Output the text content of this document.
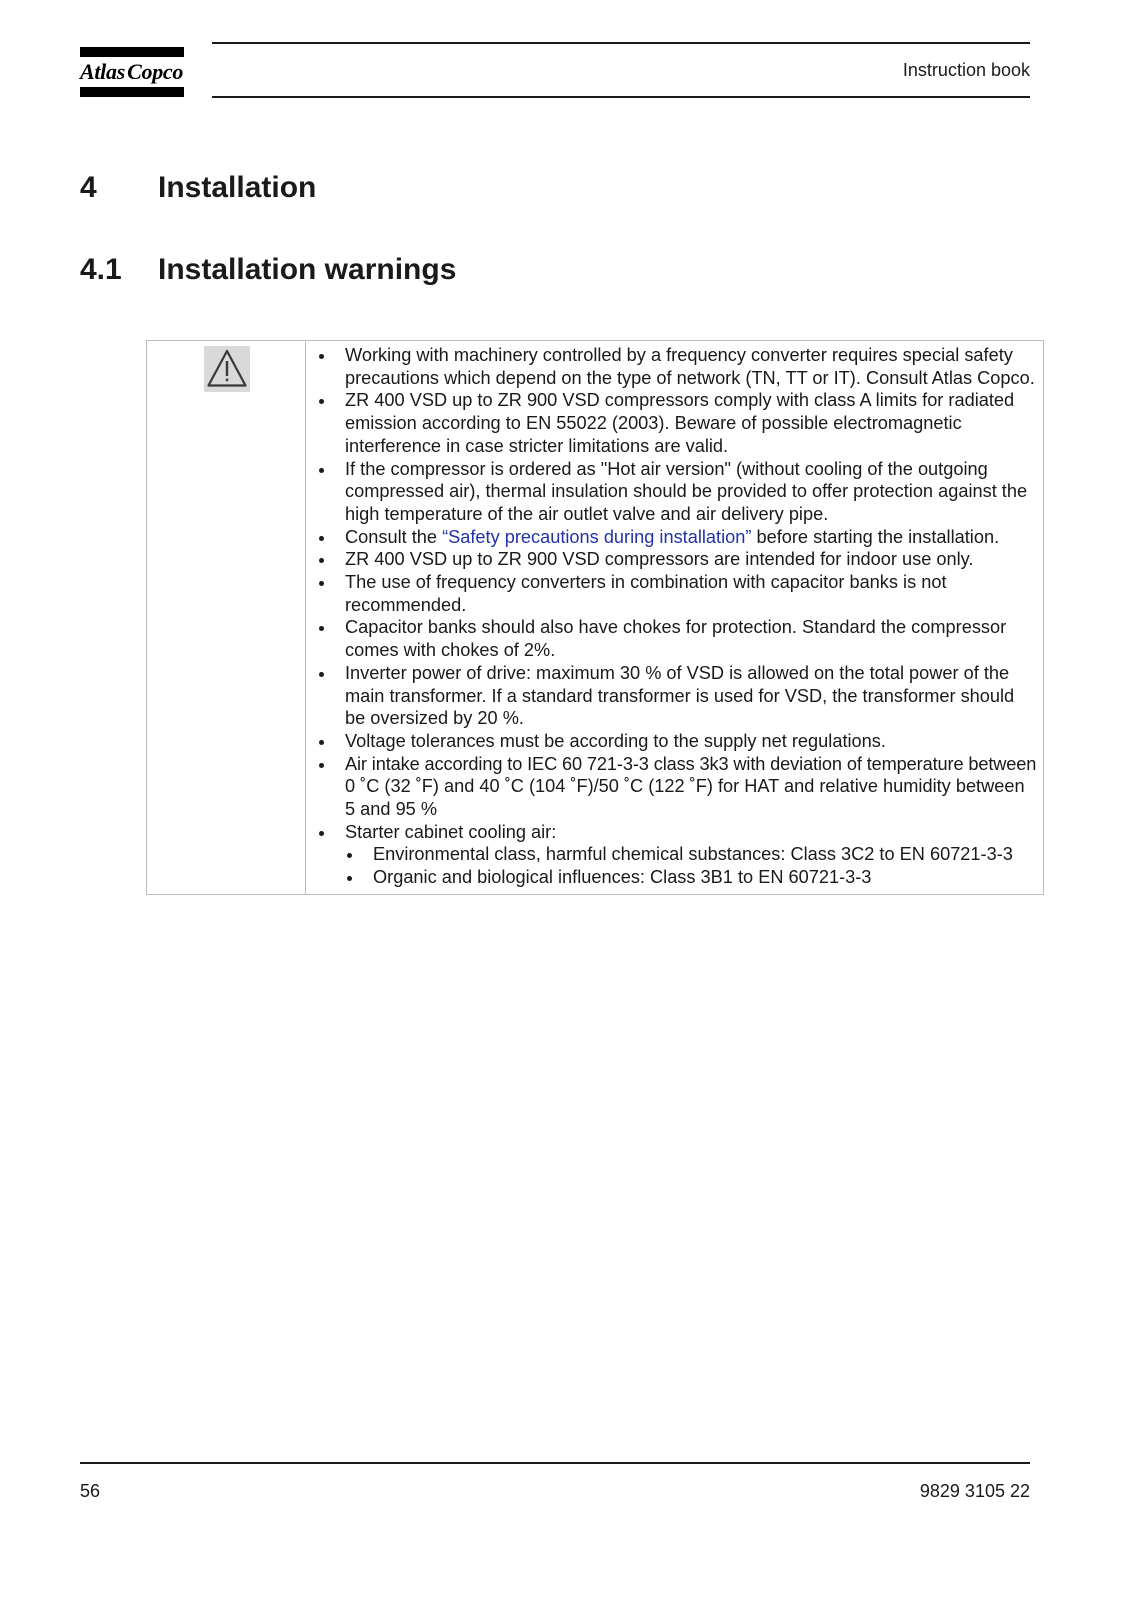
Atlas Copco	Instruction book
4 Installation
4.1 Installation warnings
Working with machinery controlled by a frequency converter requires special safety
precautions which depend on the type of network (TN, TT or IT). Consult Atlas Copco.
ZR 400 VSD up to ZR 900 VSD compressors comply with class A limits for radiated
emission according to EN 55022 (2003). Beware of possible electromagnetic
interference in case stricter limitations are valid.
If the compressor is ordered as "Hot air version" (without cooling of the outgoing
compressed air), thermal insulation should be provided to offer protection against the
high temperature of the air outlet valve and air delivery pipe.
Consult the “Safety precautions during installation” before starting the installation.
ZR 400 VSD up to ZR 900 VSD compressors are intended for indoor use only.
The use of frequency converters in combination with capacitor banks is not
recommended.
Capacitor banks should also have chokes for protection. Standard the compressor
comes with chokes of 2%.
Inverter power of drive: maximum 30 % of VSD is allowed on the total power of the
main transformer. If a standard transformer is used for VSD, the transformer should
be oversized by 20 %.
Voltage tolerances must be according to the supply net regulations.
Air intake according to IEC 60 721-3-3 class 3k3 with deviation of temperature between
0 ˚C (32 ˚F) and 40 ˚C (104 ˚F)/50 ˚C (122 ˚F) for HAT and relative humidity between
5 and 95 %
Starter cabinet cooling air:
Environmental class, harmful chemical substances: Class 3C2 to EN 60721-3-3
Organic and biological influences: Class 3B1 to EN 60721-3-3
56	9829 3105 22
